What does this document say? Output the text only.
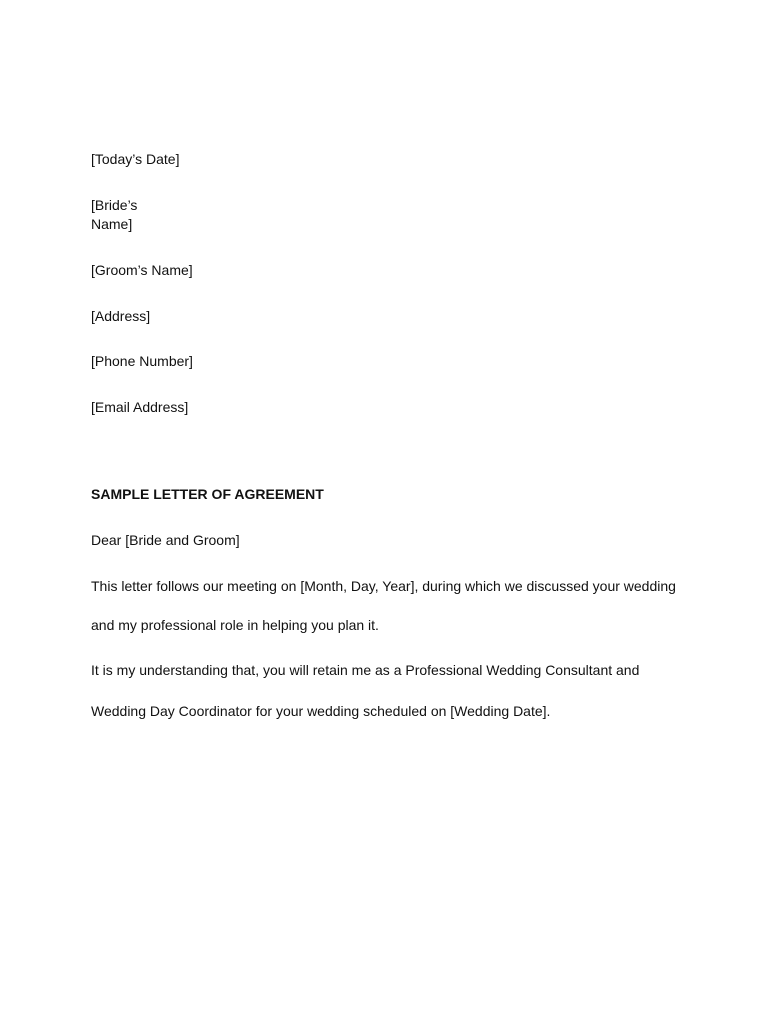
[Today’s Date]

[Bride’s Name]

[Groom’s Name]

[Address]

[Phone Number]

[Email Address]

SAMPLE LETTER OF AGREEMENT

Dear [Bride and Groom]

This letter follows our meeting on [Month, Day, Year], during which we discussed your wedding

and my professional role in helping you plan it.

It is my understanding that, you will retain me as a Professional Wedding Consultant and

Wedding Day Coordinator for your wedding scheduled on [Wedding Date].
